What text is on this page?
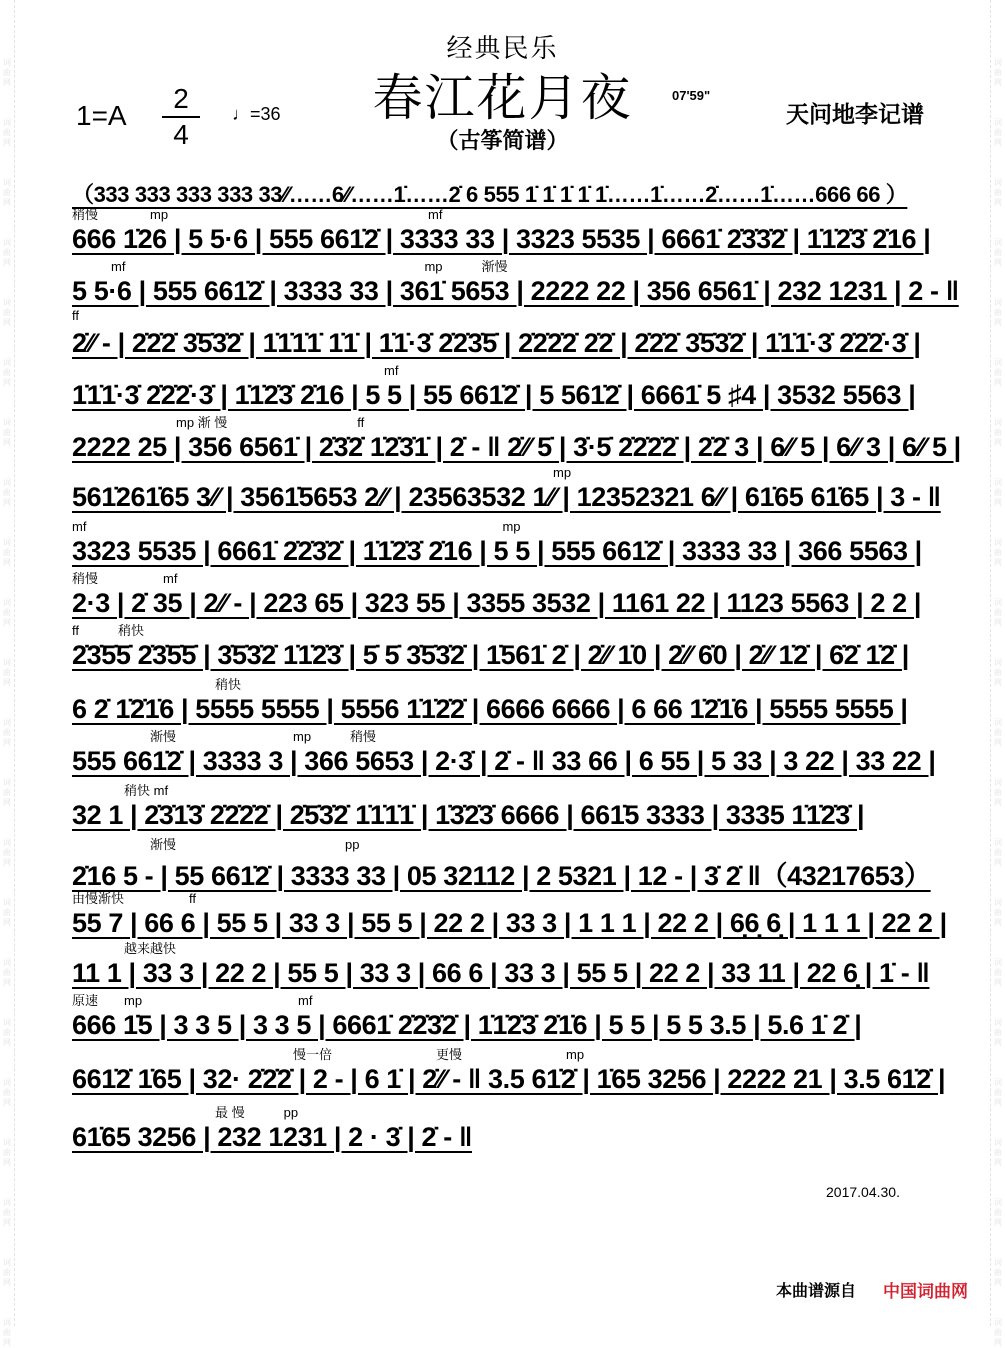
词
曲
网
词
曲
网
词
曲
网
词
曲
网
词
曲
网
词
曲
网
词
曲
网
词
曲
网
词
曲
网
词
曲
网
词
曲
网
词
曲
网
词
曲
网
词
曲
网
词
曲
网
词
曲
网
词
曲
网
词
曲
网
词
曲
网
词
曲
网
词
曲
网
词
曲
网
词
曲
网
词
曲
网
词
曲
网
词
曲
网
词
曲
网
词
曲
网
词
曲
网
词
曲
网
词
曲
网
词
曲
网
词
曲
网
词
曲
网
词
曲
网
词
曲
网
词
曲
网
词
曲
网
词
曲
网
词
曲
网
词
曲
网
词
曲
网
词
曲
网
词
曲
网
经典民乐
春江花月夜
（古筝简谱）
07'59"
天问地李记谱
1=A
2
4
♩=36
（333 333 333 333 33⁄⁄……6⁄⁄……1̇……2̇ 6 555 1̇ 1̇ 1̇ 1̇ 1̇……1̇……2̇……1̇……666 66 ）
稍慢　　　　mp　　　　　　　　　　　　　　　　　　　　mf
666 1̇26 | 5 5·6 | 555 661̇2̇ | 3333 33 | 3323 5535 | 6661̇ 2̇3̇3̇2̇ | 1̇1̇2̇3̇ 2̇16 |
　　　mf　　　　　　　　　　　　　　　　　　　　　　　mp　　　渐慢
5 5·6 | 555 661̇2̇ | 3333 33 | 361̇ 5653 | 2222 22 | 356 6561̇ | 232 1231 | 2 - ‖
ff
2̇⁄⁄ - | 2̇2̇2̇ 3̇5̇3̇2̇ | 1̇1̇1̇1̇ 1̇1̇ | 1̇1̇·3̇ 2̇2̇3̇5̇ | 2̇2̇2̇2̇ 2̇2̇ | 2̇2̇2̇ 3̇5̇3̇2̇ | 1̇1̇1̇·3̇ 2̇2̇2̇·3̇ |
　　　　　　　　　　　　　　　　　　　　　　　　mf
1̇1̇1̇·3̇ 2̇2̇2̇·3̇ | 1̇1̇2̇3̇ 2̇16 | 5 5 | 55 661̇2̇ | 5 561̇2̇ | 6661̇ 5 ♯4 | 3532 5563 |
　　　　　　　　mp 渐 慢　　　　　　　　　　ff
2222 25 | 356 6561̇ | 2̇3̇2̇ 1̇2̇3̇1̇ | 2̇ - ‖ 2̇⁄⁄ 5̇ | 3̇·5̇ 2̇2̇2̇2̇ | 2̇2̇ 3 | 6⁄⁄ 5 | 6⁄⁄ 3 | 6⁄⁄ 5 |
　　　　　　　　　　　　　　　　　　　　　　　　　　　　　　　　　　　　　mp
561̇261̇65 3⁄⁄ | 3561̇5653 2⁄⁄ | 23563532 1⁄⁄ | 12352321 6⁄⁄ | 61̇65 61̇65 | 3 - ‖
mf　　　　　　　　　　　　　　　　　　　　　　　　　　　　　　　　mp
3323 5535 | 6661̇ 2̇2̇3̇2̇ | 1̇1̇2̇3̇ 2̇16 | 5 5 | 555 661̇2̇ | 3333 33 | 366 5563 |
稍慢　　　　　mf
2·3 | 2̇ 35 | 2⁄⁄ - | 223 65 | 323 55 | 3355 3532 | 1161 22 | 1123 5563 | 2 2 |
ff　　　稍快
2̇3̇5̇5̇ 2̇3̇5̇5̇ | 3̇5̇3̇2̇ 1̇1̇2̇3̇ | 5̇ 5̇ 3̇5̇3̇2̇ | 1̇561̇ 2̇ | 2̇⁄⁄ 1̇0 | 2̇⁄⁄ 6̇0 | 2̇⁄⁄ 1̇2̇ | 6̇2̇ 1̇2̇ |
　　　　　　　　　　　稍快
6 2̇ 1̇2̇1̇6 | 5555 5555 | 5556 1̇1̇2̇2̇ | 6666 6666 | 6 66 1̇2̇1̇6 | 5555 5555 |
　　　　　　渐慢　　　　　　　　　mp　　　稍慢
555 661̇2̇ | 3333 3 | 366 5653 | 2·3̇ | 2̇ - ‖ 33 66 | 6 55 | 5 33 | 3 22 | 33 22 |
　　　　稍快 mf
32 1 | 2̇3̇1̇3̇ 2̇2̇2̇2̇ | 2̇5̇3̇2̇ 1̇1̇1̇1̇ | 1̇3̇2̇3̇ 6666 | 661̇5 3333 | 3335 1̇1̇2̇3̇ |
　　　　　　渐慢　　　　　　　　　　　　　pp
2̇16 5 - | 55 661̇2̇ | 3333 33 | 05 32112 | 2 5321 | 12 - | 3̇ 2̇ ‖（43217653）
由慢渐快　　　　　ff
55 7 | 66 6 | 55 5 | 33 3 | 55 5 | 22 2 | 33 3 | 1 1 1 | 22 2 | 6̣6̣ 6̣ | 1 1 1 | 22 2 |
　　　　越来越快
11 1 | 33 3 | 22 2 | 55 5 | 33 3 | 66 6 | 33 3 | 55 5 | 22 2 | 33 11 | 22 6̣ | 1̇ - ‖
原速　　mp　　　　　　　　　　　　mf
666 1̇5 | 3 3 5 | 3 3 5 | 6661̇ 2̇2̇3̇2̇ | 1̇1̇2̇3̇ 2̇1̇6 | 5 5 | 5 5 3.5 | 5.6 1̇ 2̇ |
　　　　　　　　　　　　　　　　　慢一倍　　　　　　　　更慢　　　　　　　　mp
661̇2̇ 1̇65 | 32· 2̇2̇2̇ | 2 - | 6 1̇ | 2̇⁄⁄ - ‖ 3.5 61̇2̇ | 1̇65 3256 | 2222 21 | 3.5 61̇2̇ |
　　　　　　　　　　　最 慢　　　pp
61̇65 3256 | 232 1231 | 2 · 3̇ | 2̇ - ‖
2017.04.30.
本曲谱源自 中国词曲网
